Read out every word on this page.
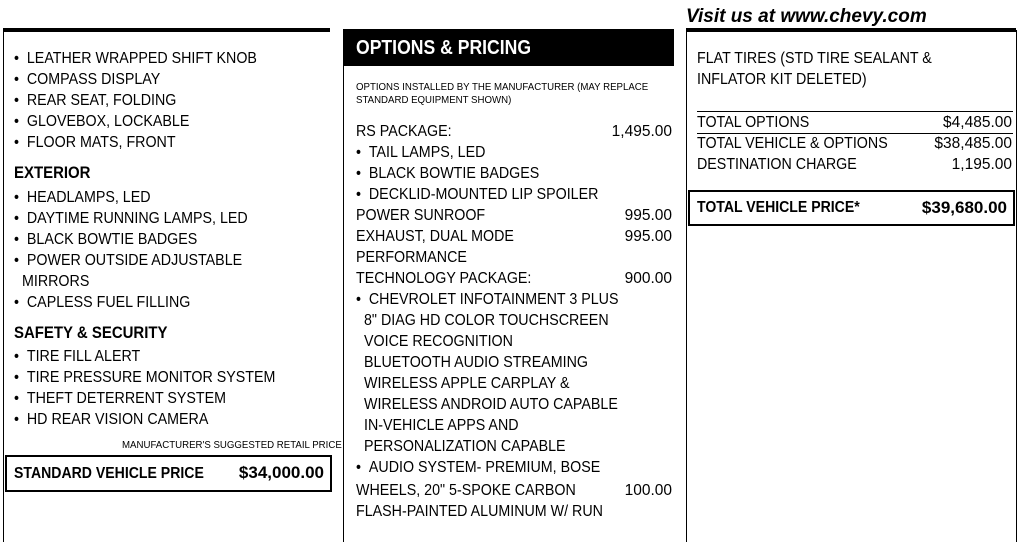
Visit us at www.chevy.com
• LEATHER WRAPPED SHIFT KNOB
• COMPASS DISPLAY
• REAR SEAT, FOLDING
• GLOVEBOX, LOCKABLE
• FLOOR MATS, FRONT
EXTERIOR
• HEADLAMPS, LED
• DAYTIME RUNNING LAMPS, LED
• BLACK BOWTIE BADGES
• POWER OUTSIDE ADJUSTABLE
MIRRORS
• CAPLESS FUEL FILLING
SAFETY & SECURITY
• TIRE FILL ALERT
• TIRE PRESSURE MONITOR SYSTEM
• THEFT DETERRENT SYSTEM
• HD REAR VISION CAMERA
MANUFACTURER'S SUGGESTED RETAIL PRICE
STANDARD VEHICLE PRICE $34,000.00
OPTIONS & PRICING
OPTIONS INSTALLED BY THE MANUFACTURER (MAY REPLACE
STANDARD EQUIPMENT SHOWN)
RS PACKAGE:	1,495.00
• TAIL LAMPS, LED
• BLACK BOWTIE BADGES
• DECKLID-MOUNTED LIP SPOILER
POWER SUNROOF	995.00
EXHAUST, DUAL MODE	995.00
PERFORMANCE
TECHNOLOGY PACKAGE:	900.00
• CHEVROLET INFOTAINMENT 3 PLUS
8" DIAG HD COLOR TOUCHSCREEN
VOICE RECOGNITION
BLUETOOTH AUDIO STREAMING
WIRELESS APPLE CARPLAY &
WIRELESS ANDROID AUTO CAPABLE
IN-VEHICLE APPS AND
PERSONALIZATION CAPABLE
• AUDIO SYSTEM- PREMIUM, BOSE
WHEELS, 20" 5-SPOKE CARBON	100.00
FLASH-PAINTED ALUMINUM W/ RUN
FLAT TIRES (STD TIRE SEALANT &
INFLATOR KIT DELETED)
TOTAL OPTIONS	$4,485.00
TOTAL VEHICLE & OPTIONS	$38,485.00
DESTINATION CHARGE	1,195.00
TOTAL VEHICLE PRICE*	$39,680.00
